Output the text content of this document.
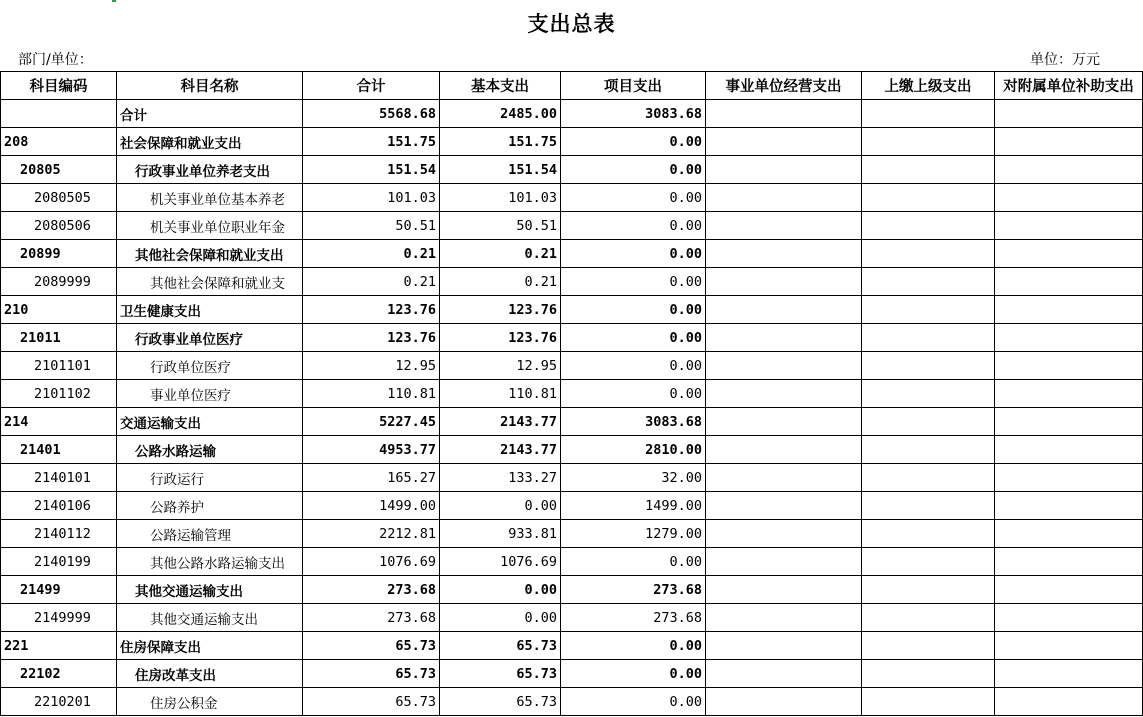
支出总表
部门/单位：	单位：万元
科目编码	科目名称	合计	基本支出	项目支出	事业单位经营支出	上缴上级支出	对附属单位补助支出
	合计	5568.68	2485.00	3083.68			
208	社会保障和就业支出	151.75	151.75	0.00			
20805	行政事业单位养老支出	151.54	151.54	0.00			
2080505	机关事业单位基本养老	101.03	101.03	0.00			
2080506	机关事业单位职业年金	50.51	50.51	0.00			
20899	其他社会保障和就业支出	0.21	0.21	0.00			
2089999	其他社会保障和就业支	0.21	0.21	0.00			
210	卫生健康支出	123.76	123.76	0.00			
21011	行政事业单位医疗	123.76	123.76	0.00			
2101101	行政单位医疗	12.95	12.95	0.00			
2101102	事业单位医疗	110.81	110.81	0.00			
214	交通运输支出	5227.45	2143.77	3083.68			
21401	公路水路运输	4953.77	2143.77	2810.00			
2140101	行政运行	165.27	133.27	32.00			
2140106	公路养护	1499.00	0.00	1499.00			
2140112	公路运输管理	2212.81	933.81	1279.00			
2140199	其他公路水路运输支出	1076.69	1076.69	0.00			
21499	其他交通运输支出	273.68	0.00	273.68			
2149999	其他交通运输支出	273.68	0.00	273.68			
221	住房保障支出	65.73	65.73	0.00			
22102	住房改革支出	65.73	65.73	0.00			
2210201	住房公积金	65.73	65.73	0.00			
